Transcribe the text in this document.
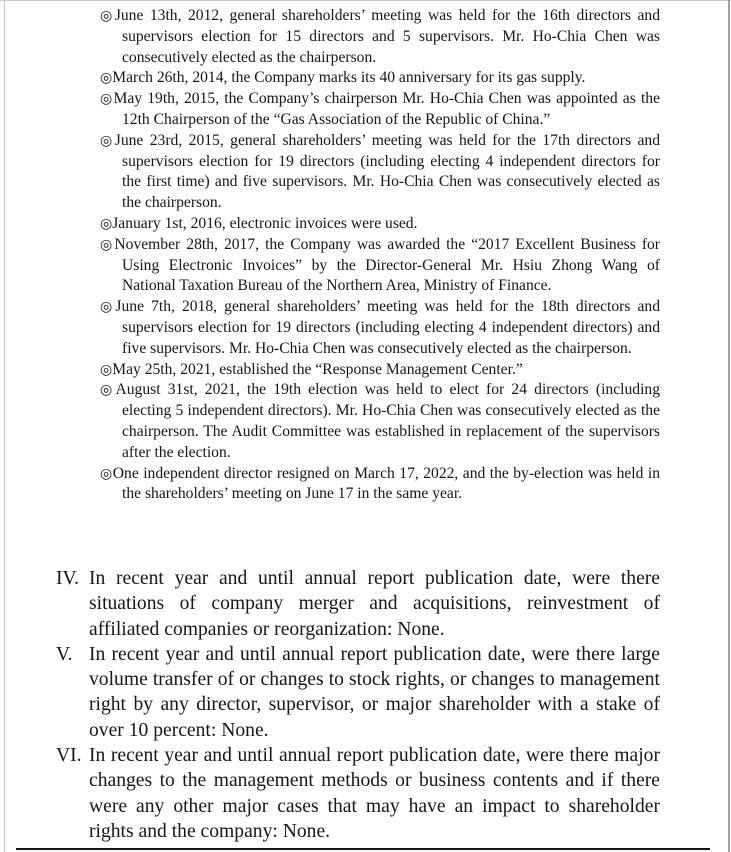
◎June 13th, 2012, general shareholders’ meeting was held for the 16th directors and supervisors election for 15 directors and 5 supervisors. Mr. Ho-Chia Chen was consecutively elected as the chairperson.
◎March 26th, 2014, the Company marks its 40 anniversary for its gas supply.
◎May 19th, 2015, the Company’s chairperson Mr. Ho-Chia Chen was appointed as the 12th Chairperson of the “Gas Association of the Republic of China.”
◎June 23rd, 2015, general shareholders’ meeting was held for the 17th directors and supervisors election for 19 directors (including electing 4 independent directors for the first time) and five supervisors. Mr. Ho-Chia Chen was consecutively elected as the chairperson.
◎January 1st, 2016, electronic invoices were used.
◎November 28th, 2017, the Company was awarded the “2017 Excellent Business for Using Electronic Invoices” by the Director-General Mr. Hsiu Zhong Wang of National Taxation Bureau of the Northern Area, Ministry of Finance.
◎June 7th, 2018, general shareholders’ meeting was held for the 18th directors and supervisors election for 19 directors (including electing 4 independent directors) and five supervisors. Mr. Ho-Chia Chen was consecutively elected as the chairperson.
◎May 25th, 2021, established the “Response Management Center.”
◎August 31st, 2021, the 19th election was held to elect for 24 directors (including electing 5 independent directors). Mr. Ho-Chia Chen was consecutively elected as the chairperson. The Audit Committee was established in replacement of the supervisors after the election.
◎One independent director resigned on March 17, 2022, and the by-election was held in the shareholders’ meeting on June 17 in the same year.
IV. In recent year and until annual report publication date, were there situations of company merger and acquisitions, reinvestment of affiliated companies or reorganization: None.
V. In recent year and until annual report publication date, were there large volume transfer of or changes to stock rights, or changes to management right by any director, supervisor, or major shareholder with a stake of over 10 percent: None.
VI. In recent year and until annual report publication date, were there major changes to the management methods or business contents and if there were any other major cases that may have an impact to shareholder rights and the company: None.
